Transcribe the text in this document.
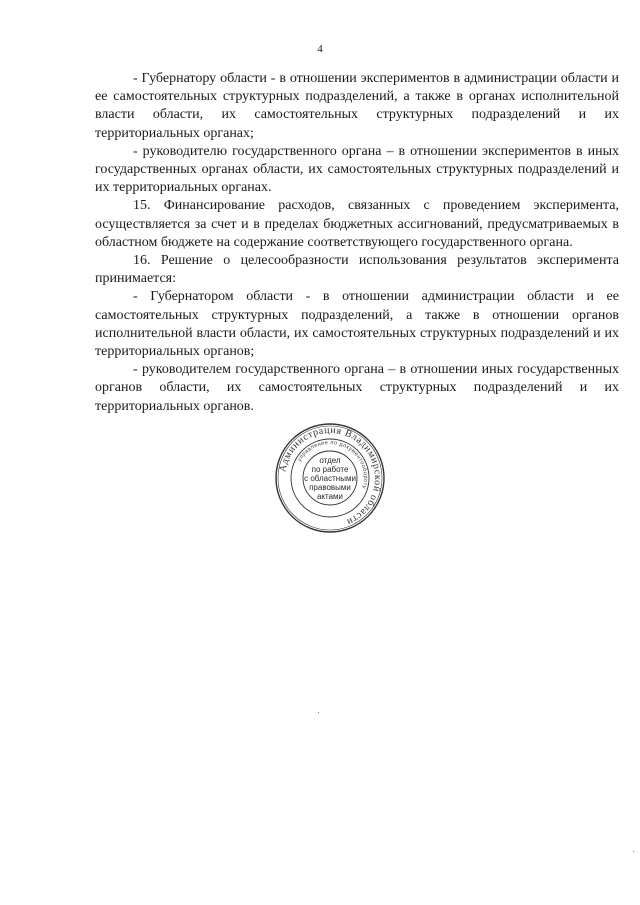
4

- Губернатору области - в отношении экспериментов в администрации области и ее самостоятельных структурных подразделений, а также в органах исполнительной власти области, их самостоятельных структурных подразделений и их территориальных органах;

- руководителю государственного органа – в отношении экспериментов в иных государственных органах области, их самостоятельных структурных подразделений и их территориальных органах.

15. Финансирование расходов, связанных с проведением эксперимента, осуществляется за счет и в пределах бюджетных ассигнований, предусматриваемых в областном бюджете на содержание соответствующего государственного органа.

16. Решение о целесообразности использования результатов эксперимента принимается:

- Губернатором области - в отношении администрации области и ее самостоятельных структурных подразделений, а также в отношении органов исполнительной власти области, их самостоятельных структурных подразделений и их территориальных органов;

- руководителем государственного органа – в отношении иных государственных органов области, их самостоятельных структурных подразделений и их территориальных органов.

Администрация Владимирской области
управление по документообороту
отдел
по работе
с областными
правовыми
актами
